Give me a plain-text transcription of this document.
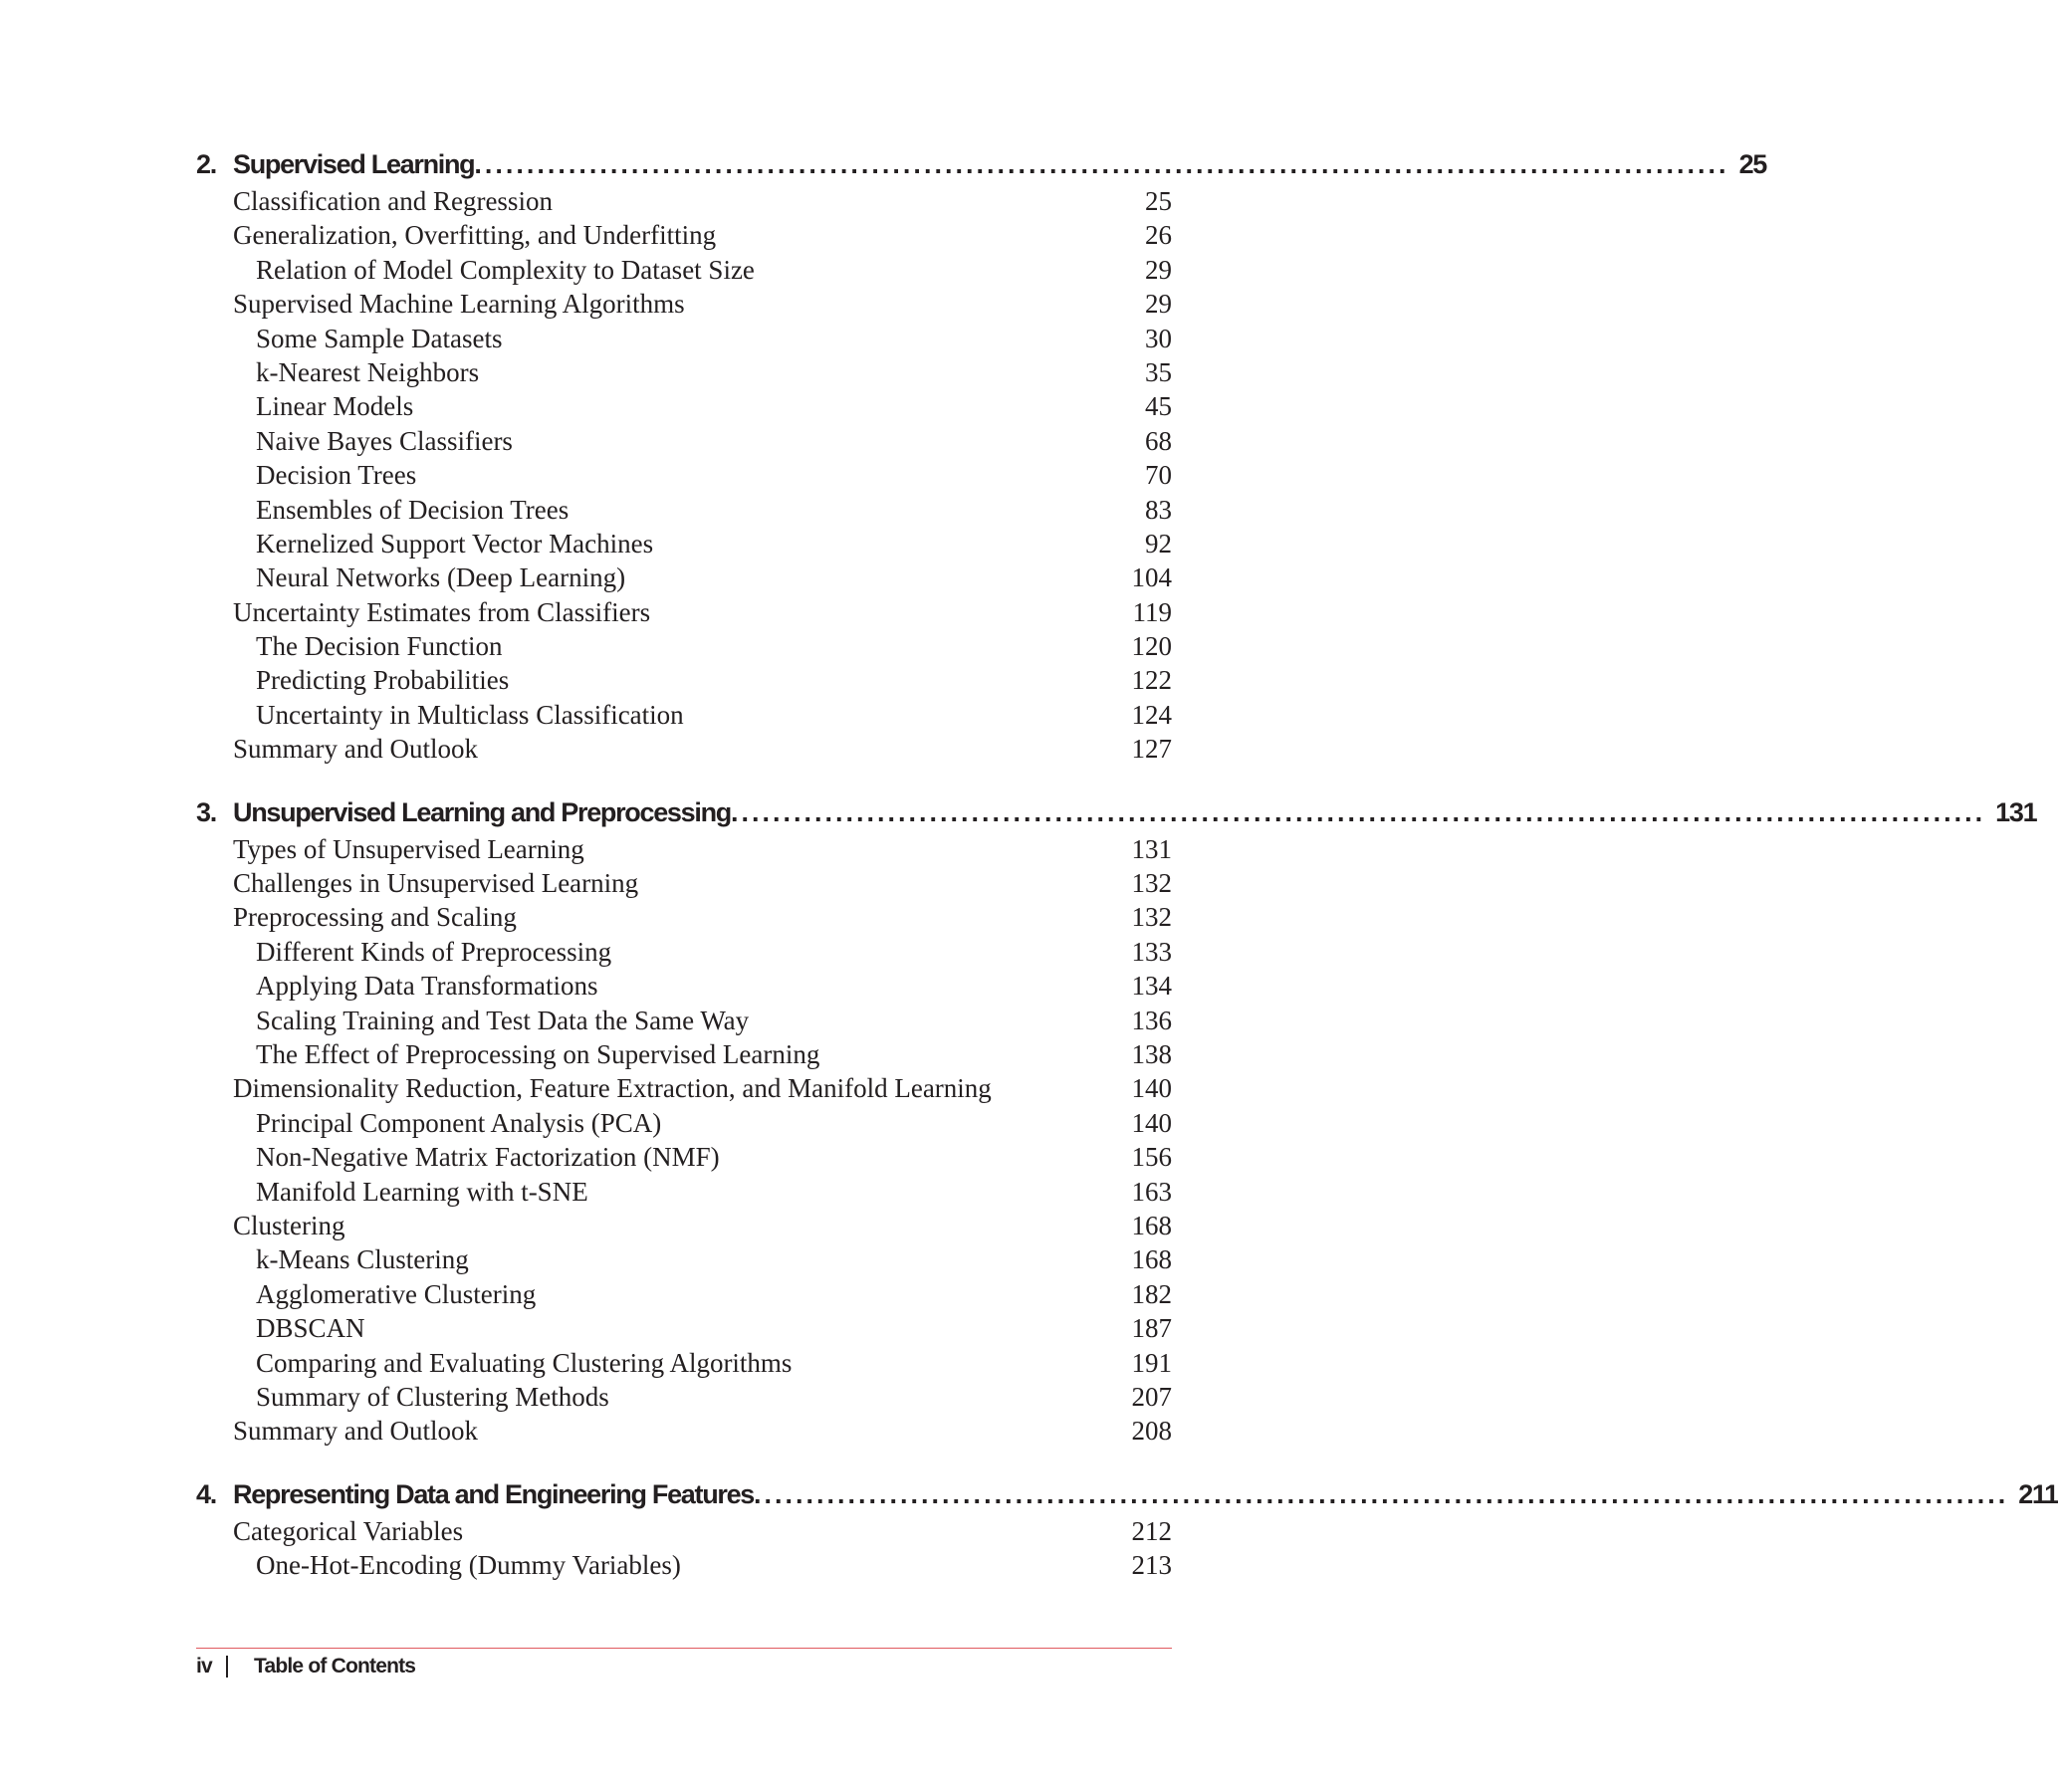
2. Supervised Learning ........................................................................................................................ 25
Classification and Regression	25
Generalization, Overfitting, and Underfitting	26
Relation of Model Complexity to Dataset Size	29
Supervised Machine Learning Algorithms	29
Some Sample Datasets	30
k-Nearest Neighbors	35
Linear Models	45
Naive Bayes Classifiers	68
Decision Trees	70
Ensembles of Decision Trees	83
Kernelized Support Vector Machines	92
Neural Networks (Deep Learning)	104
Uncertainty Estimates from Classifiers	119
The Decision Function	120
Predicting Probabilities	122
Uncertainty in Multiclass Classification	124
Summary and Outlook	127
3. Unsupervised Learning and Preprocessing ........................................................................................................................ 131
Types of Unsupervised Learning	131
Challenges in Unsupervised Learning	132
Preprocessing and Scaling	132
Different Kinds of Preprocessing	133
Applying Data Transformations	134
Scaling Training and Test Data the Same Way	136
The Effect of Preprocessing on Supervised Learning	138
Dimensionality Reduction, Feature Extraction, and Manifold Learning	140
Principal Component Analysis (PCA)	140
Non-Negative Matrix Factorization (NMF)	156
Manifold Learning with t-SNE	163
Clustering	168
k-Means Clustering	168
Agglomerative Clustering	182
DBSCAN	187
Comparing and Evaluating Clustering Algorithms	191
Summary of Clustering Methods	207
Summary and Outlook	208
4. Representing Data and Engineering Features ........................................................................................................................ 211
Categorical Variables	212
One-Hot-Encoding (Dummy Variables)	213
iv	Table of Contents
